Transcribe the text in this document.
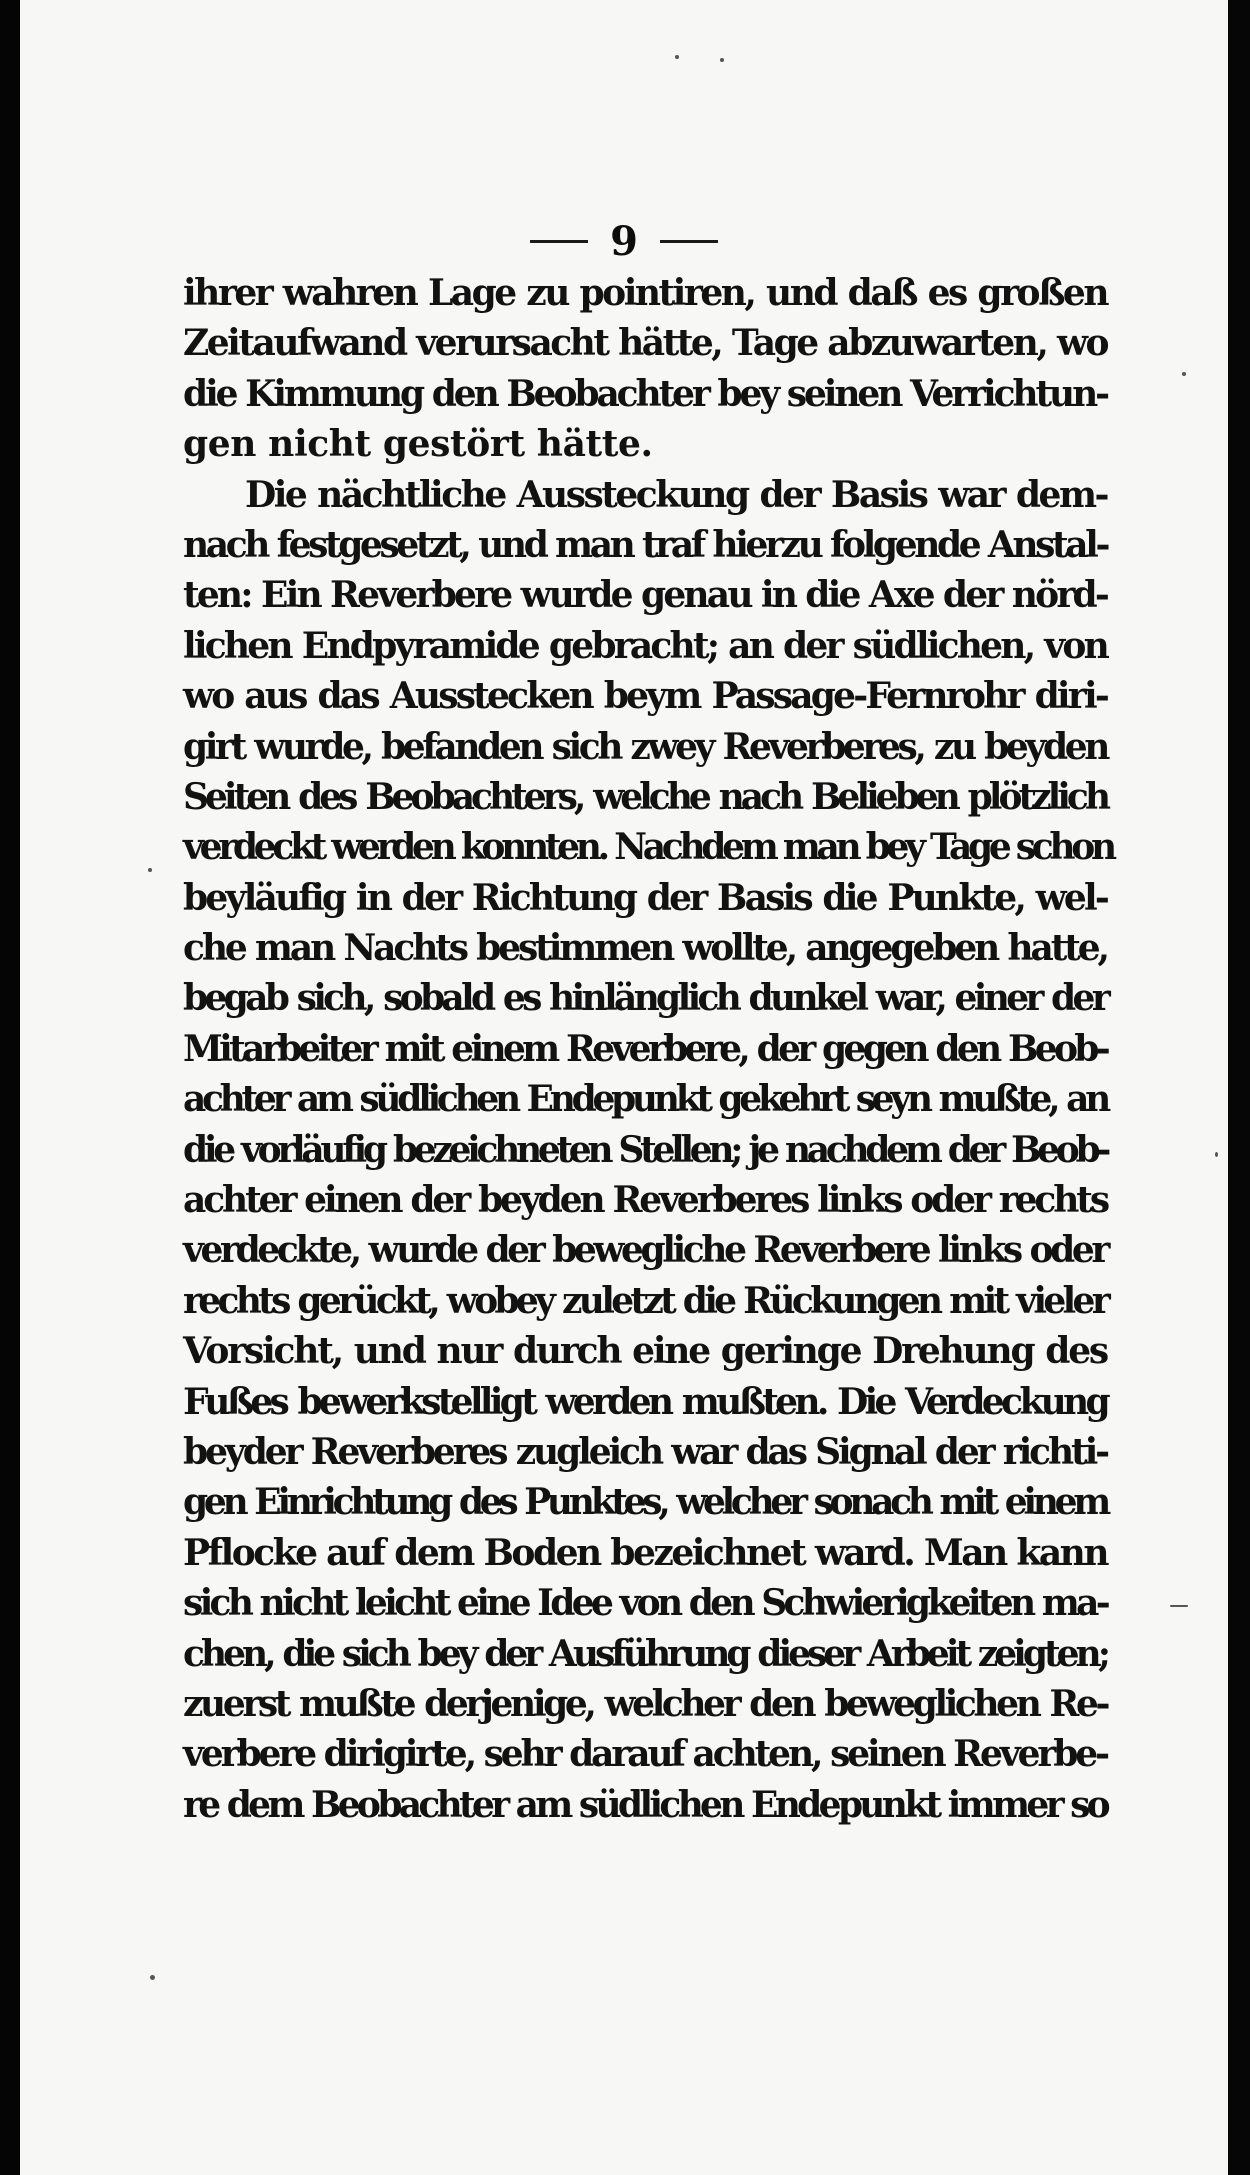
9
ihrer wahren Lage zu pointiren, und daß es großen
Zeitaufwand verursacht hätte, Tage abzuwarten, wo
die Kimmung den Beobachter bey seinen Verrichtun-
gen nicht gestört hätte.
Die nächtliche Aussteckung der Basis war dem-
nach festgesetzt, und man traf hierzu folgende Anstal-
ten: Ein Reverbere wurde genau in die Axe der nörd-
lichen Endpyramide gebracht; an der südlichen, von
wo aus das Ausstecken beym Passage-Fernrohr diri-
girt wurde, befanden sich zwey Reverberes, zu beyden
Seiten des Beobachters, welche nach Belieben plötzlich
verdeckt werden konnten. Nachdem man bey Tage schon
beyläufig in der Richtung der Basis die Punkte, wel-
che man Nachts bestimmen wollte, angegeben hatte,
begab sich, sobald es hinlänglich dunkel war, einer der
Mitarbeiter mit einem Reverbere, der gegen den Beob-
achter am südlichen Endepunkt gekehrt seyn mußte, an
die vorläufig bezeichneten Stellen; je nachdem der Beob-
achter einen der beyden Reverberes links oder rechts
verdeckte, wurde der bewegliche Reverbere links oder
rechts gerückt, wobey zuletzt die Rückungen mit vieler
Vorsicht, und nur durch eine geringe Drehung des
Fußes bewerkstelligt werden mußten. Die Verdeckung
beyder Reverberes zugleich war das Signal der richti-
gen Einrichtung des Punktes, welcher sonach mit einem
Pflocke auf dem Boden bezeichnet ward. Man kann
sich nicht leicht eine Idee von den Schwierigkeiten ma-
chen, die sich bey der Ausführung dieser Arbeit zeigten;
zuerst mußte derjenige, welcher den beweglichen Re-
verbere dirigirte, sehr darauf achten, seinen Reverbe-
re dem Beobachter am südlichen Endepunkt immer so
